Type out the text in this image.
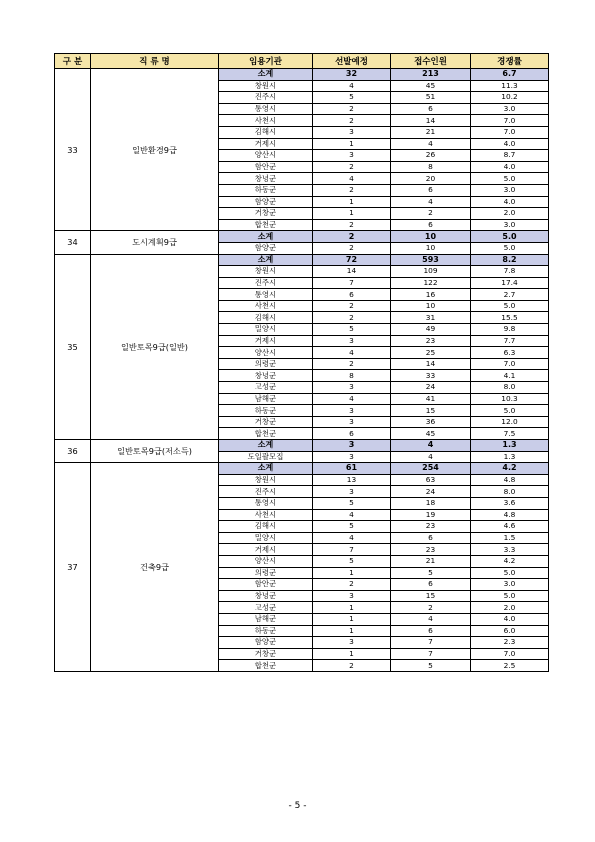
구 분	직 류 명	임용기관	선발예정	접수인원	경쟁률
33	일반환경9급	소계	32	213	6.7
		창원시	4	45	11.3
		진주시	5	51	10.2
		통영시	2	6	3.0
		사천시	2	14	7.0
		김해시	3	21	7.0
		거제시	1	4	4.0
		양산시	3	26	8.7
		함안군	2	8	4.0
		창녕군	4	20	5.0
		하동군	2	6	3.0
		함양군	1	4	4.0
		거창군	1	2	2.0
		합천군	2	6	3.0
34	도시계획9급	소계	2	10	5.0
		함양군	2	10	5.0
35	일반토목9급(일반)	소계	72	593	8.2
		창원시	14	109	7.8
		진주시	7	122	17.4
		통영시	6	16	2.7
		사천시	2	10	5.0
		김해시	2	31	15.5
		밀양시	5	49	9.8
		거제시	3	23	7.7
		양산시	4	25	6.3
		의령군	2	14	7.0
		창녕군	8	33	4.1
		고성군	3	24	8.0
		남해군	4	41	10.3
		하동군	3	15	5.0
		거창군	3	36	12.0
		합천군	6	45	7.5
36	일반토목9급(저소득)	소계	3	4	1.3
		도일괄모집	3	4	1.3
37	건축9급	소계	61	254	4.2
		창원시	13	63	4.8
		진주시	3	24	8.0
		통영시	5	18	3.6
		사천시	4	19	4.8
		김해시	5	23	4.6
		밀양시	4	6	1.5
		거제시	7	23	3.3
		양산시	5	21	4.2
		의령군	1	5	5.0
		함안군	2	6	3.0
		창녕군	3	15	5.0
		고성군	1	2	2.0
		남해군	1	4	4.0
		하동군	1	6	6.0
		함양군	3	7	2.3
		거창군	1	7	7.0
		합천군	2	5	2.5
- 5 -
